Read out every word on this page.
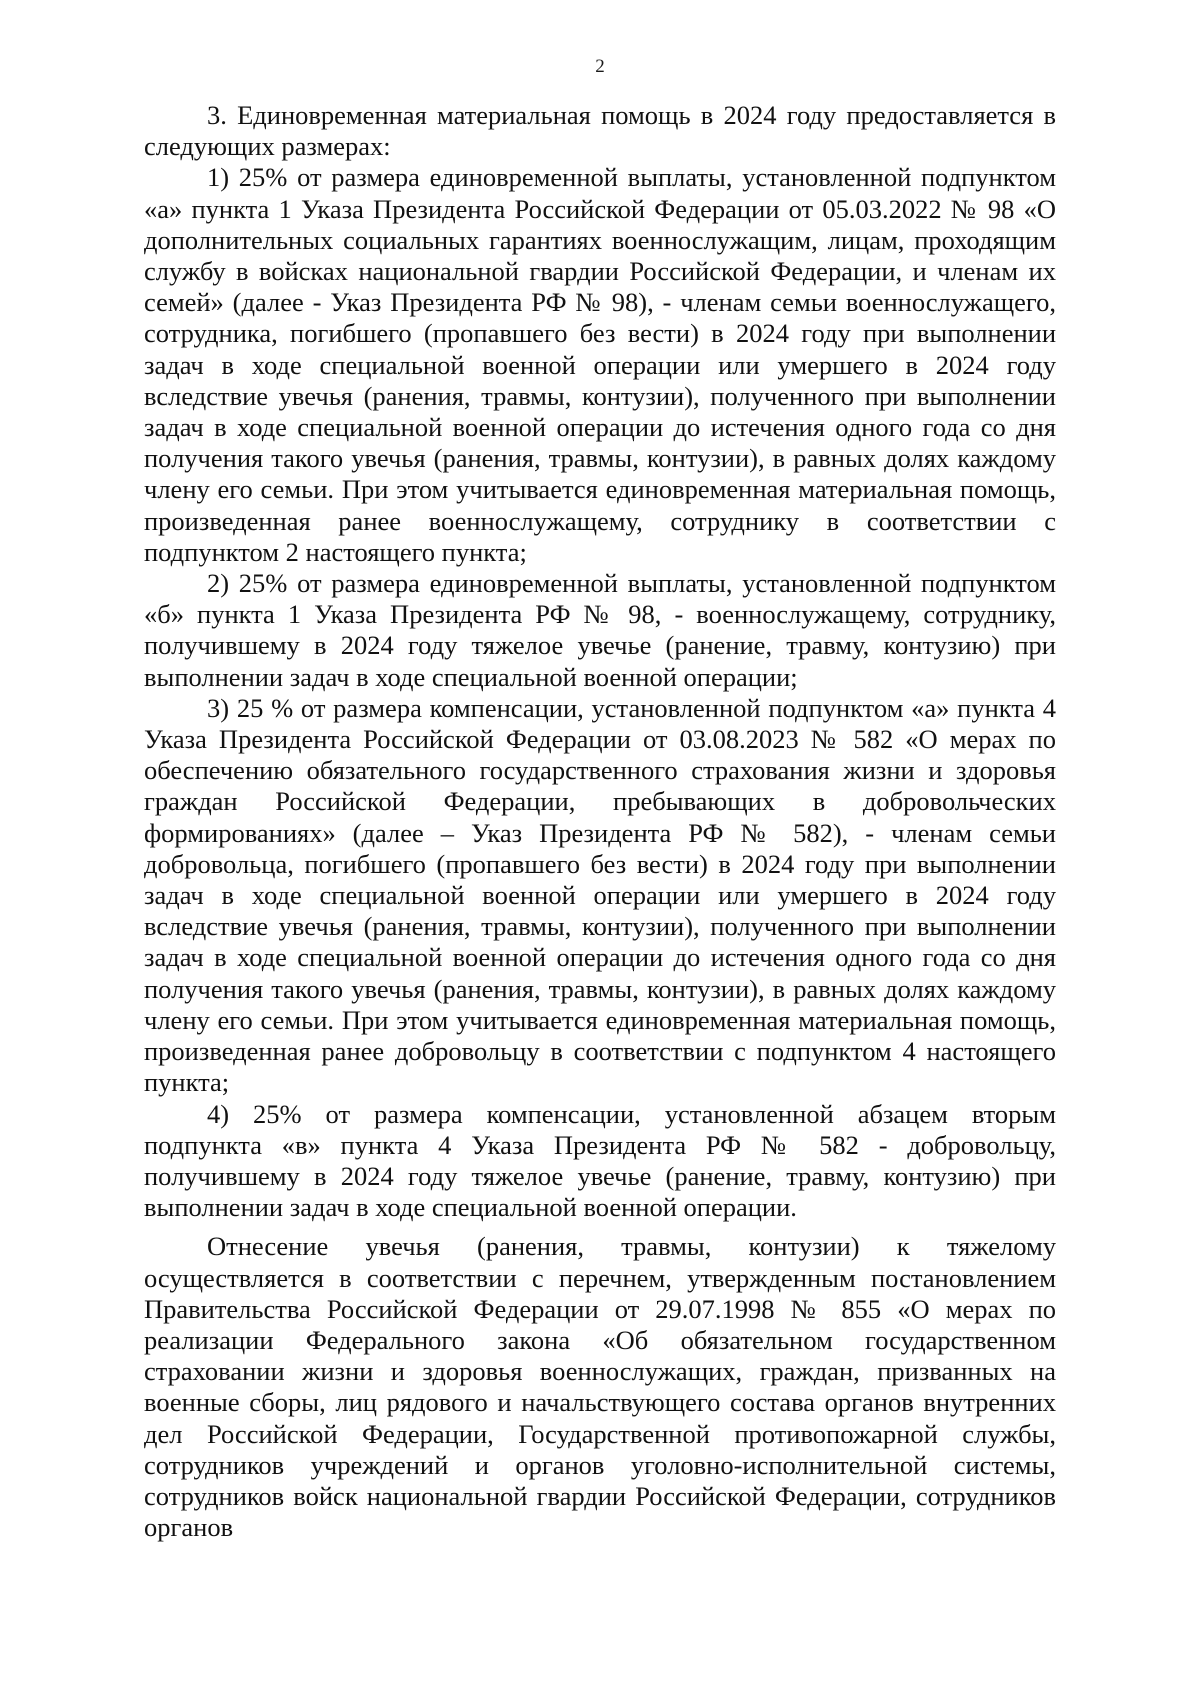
2

3. Единовременная материальная помощь в 2024 году предоставляется в следующих размерах:

1) 25% от размера единовременной выплаты, установленной подпунктом «а» пункта 1 Указа Президента Российской Федерации от 05.03.2022 № 98 «О дополнительных социальных гарантиях военнослужащим, лицам, проходящим службу в войсках национальной гвардии Российской Федерации, и членам их семей» (далее - Указ Президента РФ № 98), - членам семьи военнослужащего, сотрудника, погибшего (пропавшего без вести) в 2024 году при выполнении задач в ходе специальной военной операции или умершего в 2024 году вследствие увечья (ранения, травмы, контузии), полученного при выполнении задач в ходе специальной военной операции до истечения одного года со дня получения такого увечья (ранения, травмы, контузии), в равных долях каждому члену его семьи. При этом учитывается единовременная материальная помощь, произведенная ранее военнослужащему, сотруднику в соответствии с подпунктом 2 настоящего пункта;

2) 25% от размера единовременной выплаты, установленной подпунктом «б» пункта 1 Указа Президента РФ № 98, - военнослужащему, сотруднику, получившему в 2024 году тяжелое увечье (ранение, травму, контузию) при выполнении задач в ходе специальной военной операции;

3) 25 % от размера компенсации, установленной подпунктом «а» пункта 4 Указа Президента Российской Федерации от 03.08.2023 № 582 «О мерах по обеспечению обязательного государственного страхования жизни и здоровья граждан Российской Федерации, пребывающих в добровольческих формированиях» (далее – Указ Президента РФ № 582), - членам семьи добровольца, погибшего (пропавшего без вести) в 2024 году при выполнении задач в ходе специальной военной операции или умершего в 2024 году вследствие увечья (ранения, травмы, контузии), полученного при выполнении задач в ходе специальной военной операции до истечения одного года со дня получения такого увечья (ранения, травмы, контузии), в равных долях каждому члену его семьи. При этом учитывается единовременная материальная помощь, произведенная ранее добровольцу в соответствии с подпунктом 4 настоящего пункта;

4) 25% от размера компенсации, установленной абзацем вторым подпункта «в» пункта 4 Указа Президента РФ № 582 - добровольцу, получившему в 2024 году тяжелое увечье (ранение, травму, контузию) при выполнении задач в ходе специальной военной операции.

Отнесение увечья (ранения, травмы, контузии) к тяжелому осуществляется в соответствии с перечнем, утвержденным постановлением Правительства Российской Федерации от 29.07.1998 № 855 «О мерах по реализации Федерального закона «Об обязательном государственном страховании жизни и здоровья военнослужащих, граждан, призванных на военные сборы, лиц рядового и начальствующего состава органов внутренних дел Российской Федерации, Государственной противопожарной службы, сотрудников учреждений и органов уголовно-исполнительной системы, сотрудников войск национальной гвардии Российской Федерации, сотрудников органов
